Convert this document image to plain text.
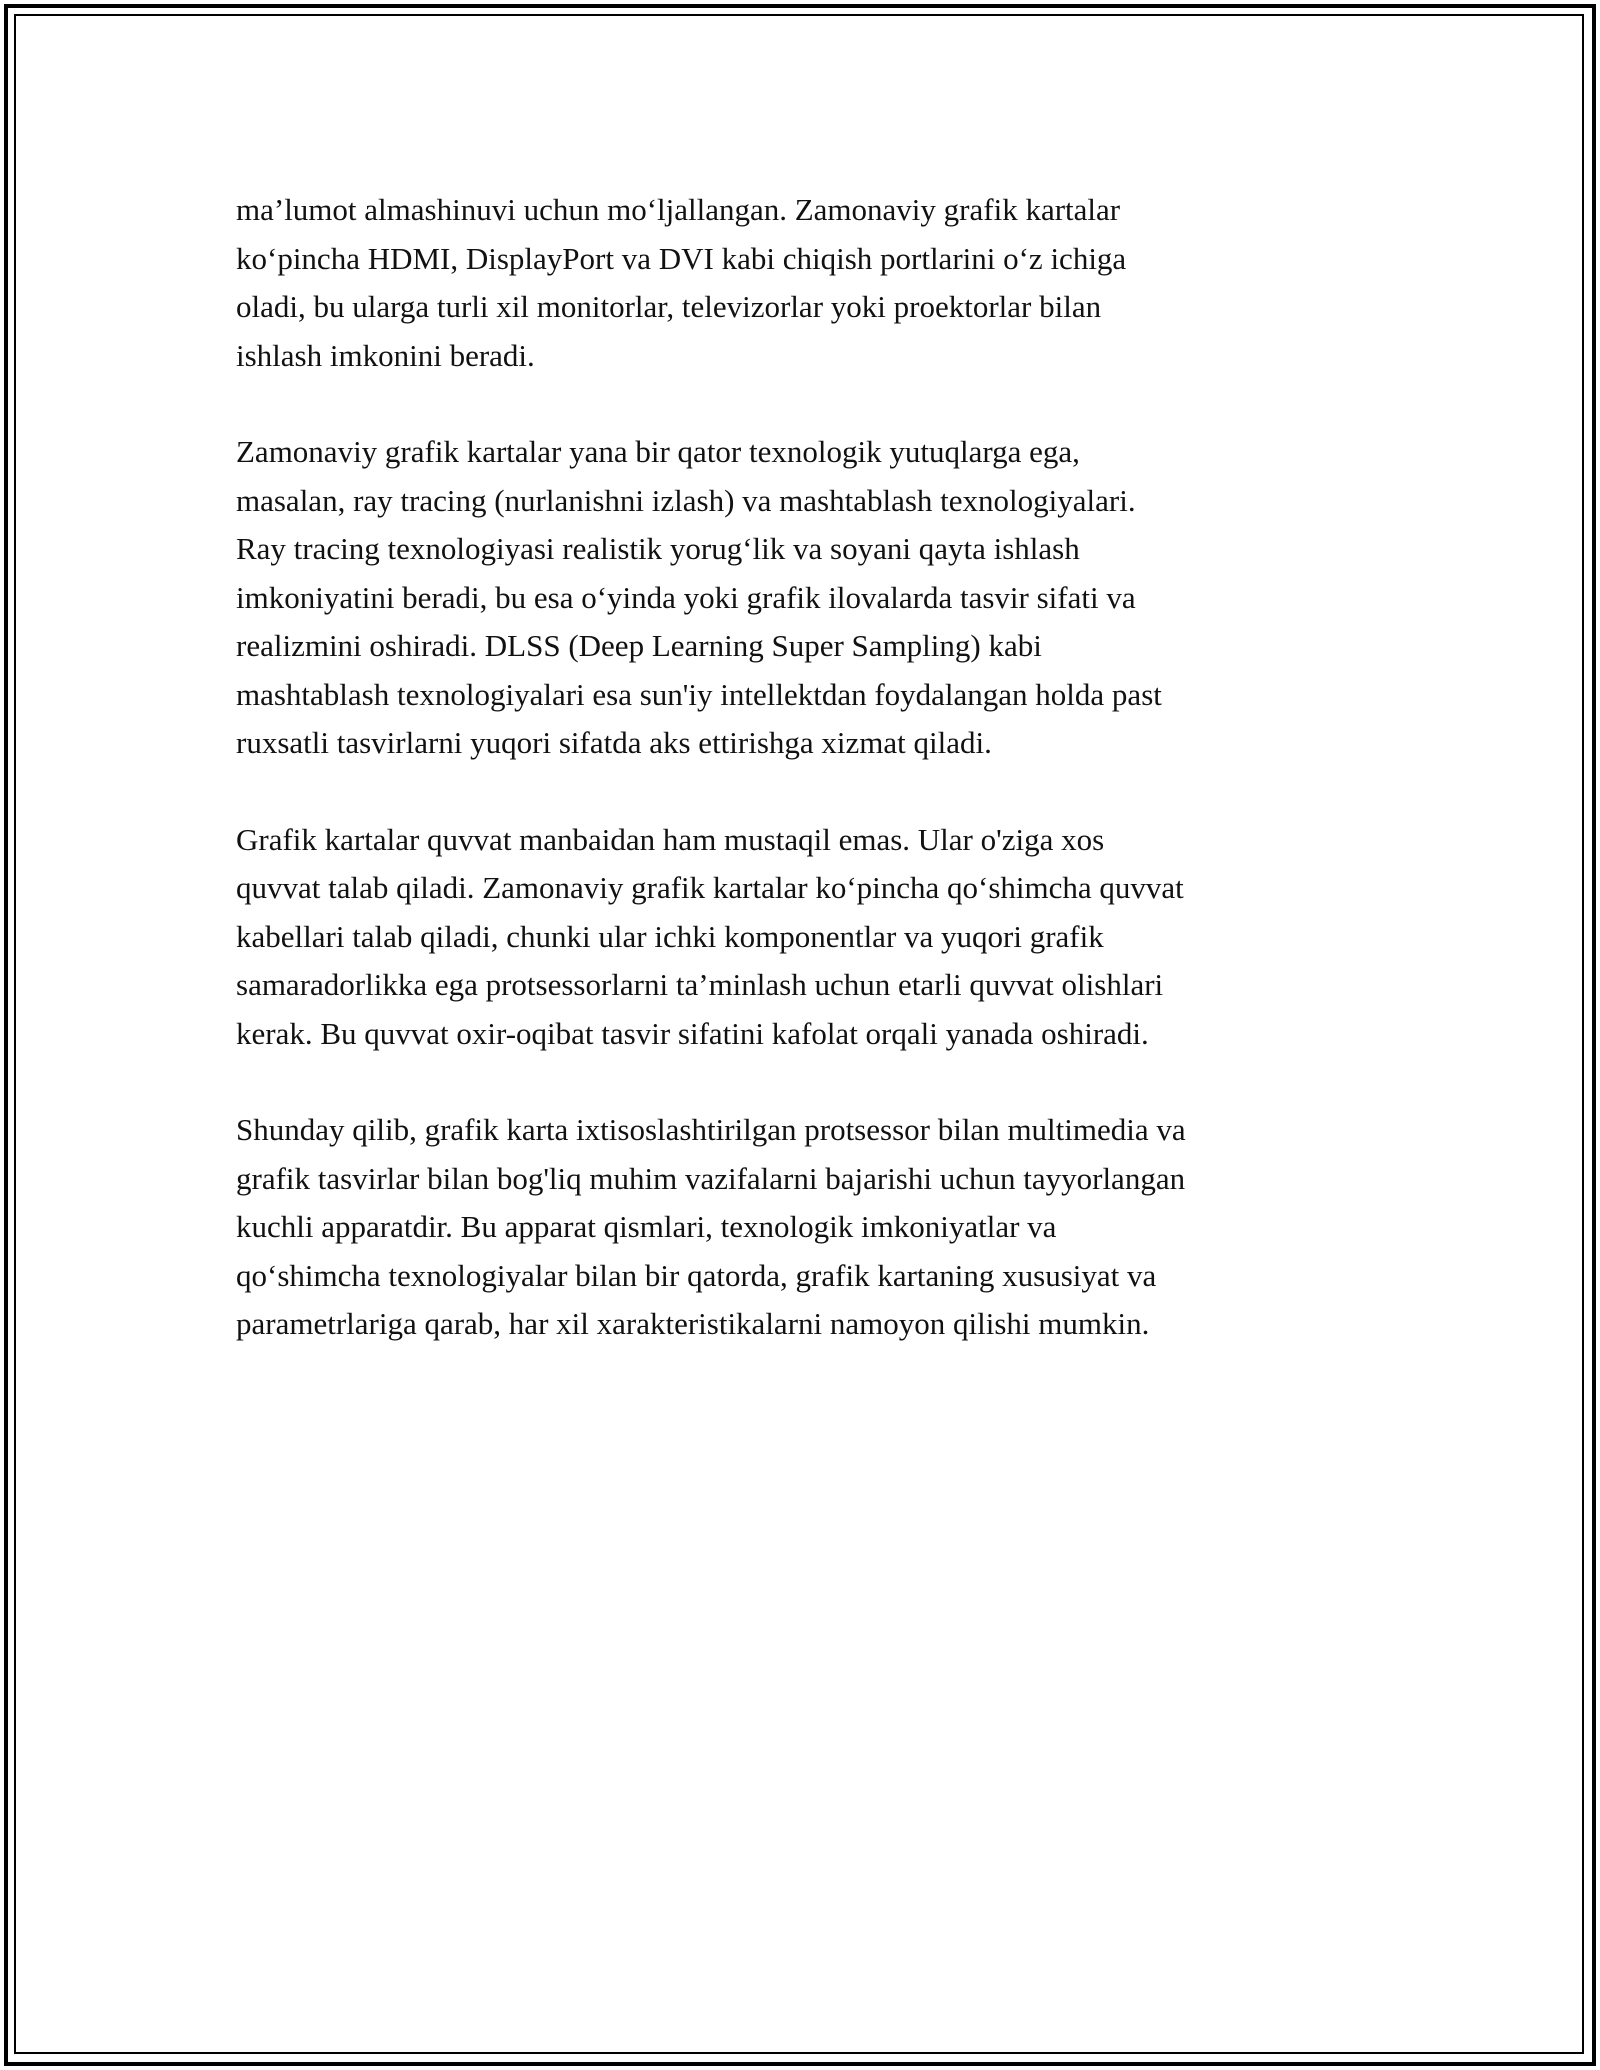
ma’lumot almashinuvi uchun mo‘ljallangan. Zamonaviy grafik kartalar
ko‘pincha HDMI, DisplayPort va DVI kabi chiqish portlarini o‘z ichiga
oladi, bu ularga turli xil monitorlar, televizorlar yoki proektorlar bilan
ishlash imkonini beradi.

Zamonaviy grafik kartalar yana bir qator texnologik yutuqlarga ega,
masalan, ray tracing (nurlanishni izlash) va mashtablash texnologiyalari.
Ray tracing texnologiyasi realistik yorug‘lik va soyani qayta ishlash
imkoniyatini beradi, bu esa o‘yinda yoki grafik ilovalarda tasvir sifati va
realizmini oshiradi. DLSS (Deep Learning Super Sampling) kabi
mashtablash texnologiyalari esa sun'iy intellektdan foydalangan holda past
ruxsatli tasvirlarni yuqori sifatda aks ettirishga xizmat qiladi.

Grafik kartalar quvvat manbaidan ham mustaqil emas. Ular o'ziga xos
quvvat talab qiladi. Zamonaviy grafik kartalar ko‘pincha qo‘shimcha quvvat
kabellari talab qiladi, chunki ular ichki komponentlar va yuqori grafik
samaradorlikka ega protsessorlarni ta’minlash uchun etarli quvvat olishlari
kerak. Bu quvvat oxir-oqibat tasvir sifatini kafolat orqali yanada oshiradi.

Shunday qilib, grafik karta ixtisoslashtirilgan protsessor bilan multimedia va
grafik tasvirlar bilan bog'liq muhim vazifalarni bajarishi uchun tayyorlangan
kuchli apparatdir. Bu apparat qismlari, texnologik imkoniyatlar va
qo‘shimcha texnologiyalar bilan bir qatorda, grafik kartaning xususiyat va
parametrlariga qarab, har xil xarakteristikalarni namoyon qilishi mumkin.
